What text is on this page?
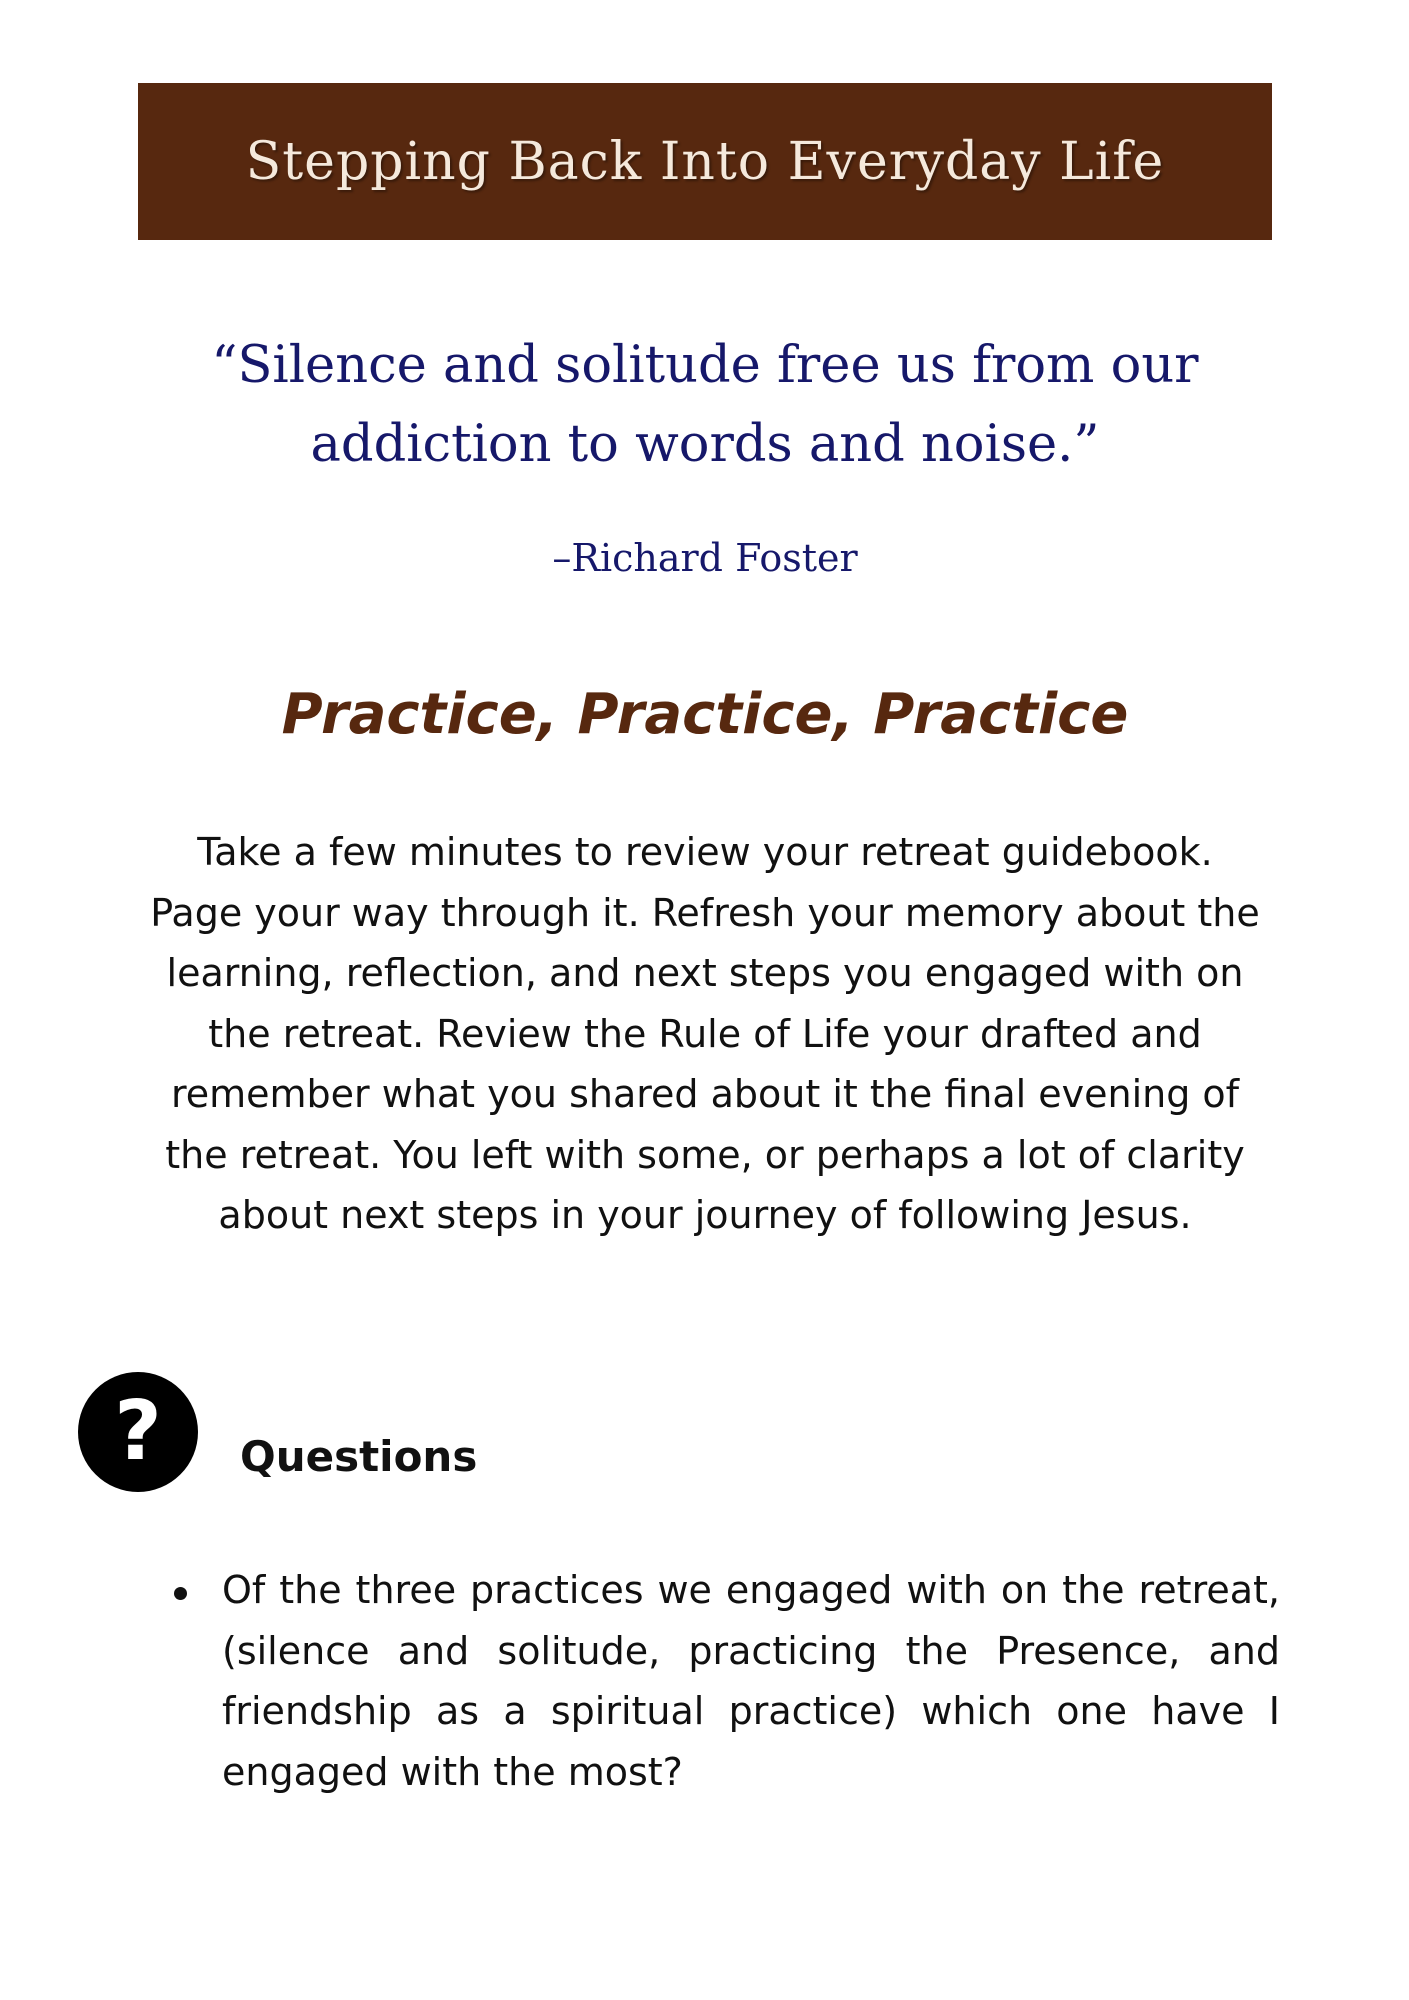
Stepping Back Into Everyday Life
“Silence and solitude free us from our addiction to words and noise.”
–Richard Foster
Practice, Practice, Practice
Take a few minutes to review your retreat guidebook. Page your way through it. Refresh your memory about the learning, reflection, and next steps you engaged with on the retreat. Review the Rule of Life your drafted and remember what you shared about it the final evening of the retreat. You left with some, or perhaps a lot of clarity about next steps in your journey of following Jesus.
? Questions
Of the three practices we engaged with on the retreat, (silence and solitude, practicing the Presence, and friendship as a spiritual practice) which one have I engaged with the most?
